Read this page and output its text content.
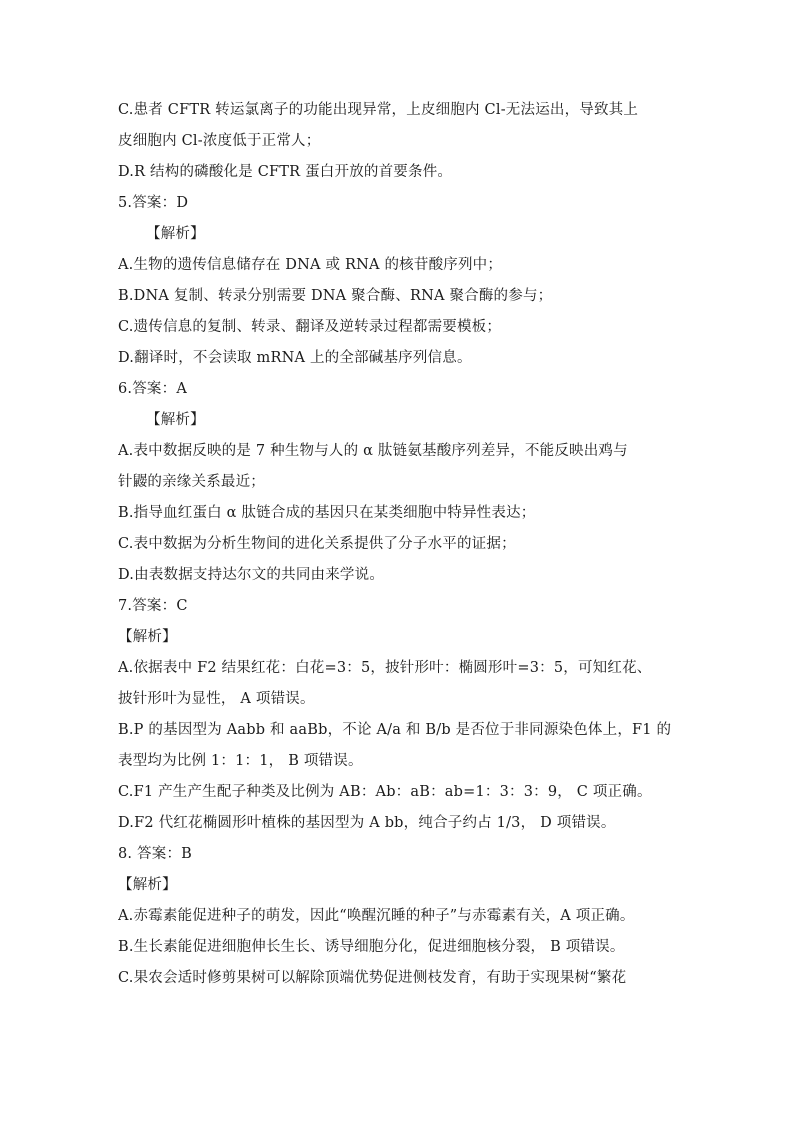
C.患者 CFTR 转运氯离子的功能出现异常，上皮细胞内 Cl-无法运出，导致其上
皮细胞内 Cl-浓度低于正常人；
D.R 结构的磷酸化是 CFTR 蛋白开放的首要条件。
5.答案：D
【解析】
A.生物的遗传信息储存在 DNA 或 RNA 的核苷酸序列中；
B.DNA 复制、转录分别需要 DNA 聚合酶、RNA 聚合酶的参与；
C.遗传信息的复制、转录、翻译及逆转录过程都需要模板；
D.翻译时，不会读取 mRNA 上的全部碱基序列信息。
6.答案：A
【解析】
A.表中数据反映的是 7 种生物与人的 α 肽链氨基酸序列差异，不能反映出鸡与
针鼹的亲缘关系最近；
B.指导血红蛋白 α 肽链合成的基因只在某类细胞中特异性表达；
C.表中数据为分析生物间的进化关系提供了分子水平的证据；
D.由表数据支持达尔文的共同由来学说。
7.答案：C
【解析】
A.依据表中 F2 结果红花：白花=3：5，披针形叶：椭圆形叶=3：5，可知红花、
披针形叶为显性， A 项错误。
B.P 的基因型为 Aabb 和 aaBb，不论 A/a 和 B/b 是否位于非同源染色体上，F1 的
表型均为比例 1：1：1， B 项错误。
C.F1 产生产生配子种类及比例为 AB：Ab：aB：ab=1：3：3：9， C 项正确。
D.F2 代红花椭圆形叶植株的基因型为 A bb，纯合子约占 1/3， D 项错误。
8. 答案：B
【解析】
A.赤霉素能促进种子的萌发，因此“唤醒沉睡的种子”与赤霉素有关，A 项正确。
B.生长素能促进细胞伸长生长、诱导细胞分化，促进细胞核分裂， B 项错误。
C.果农会适时修剪果树可以解除顶端优势促进侧枝发育，有助于实现果树“繁花
